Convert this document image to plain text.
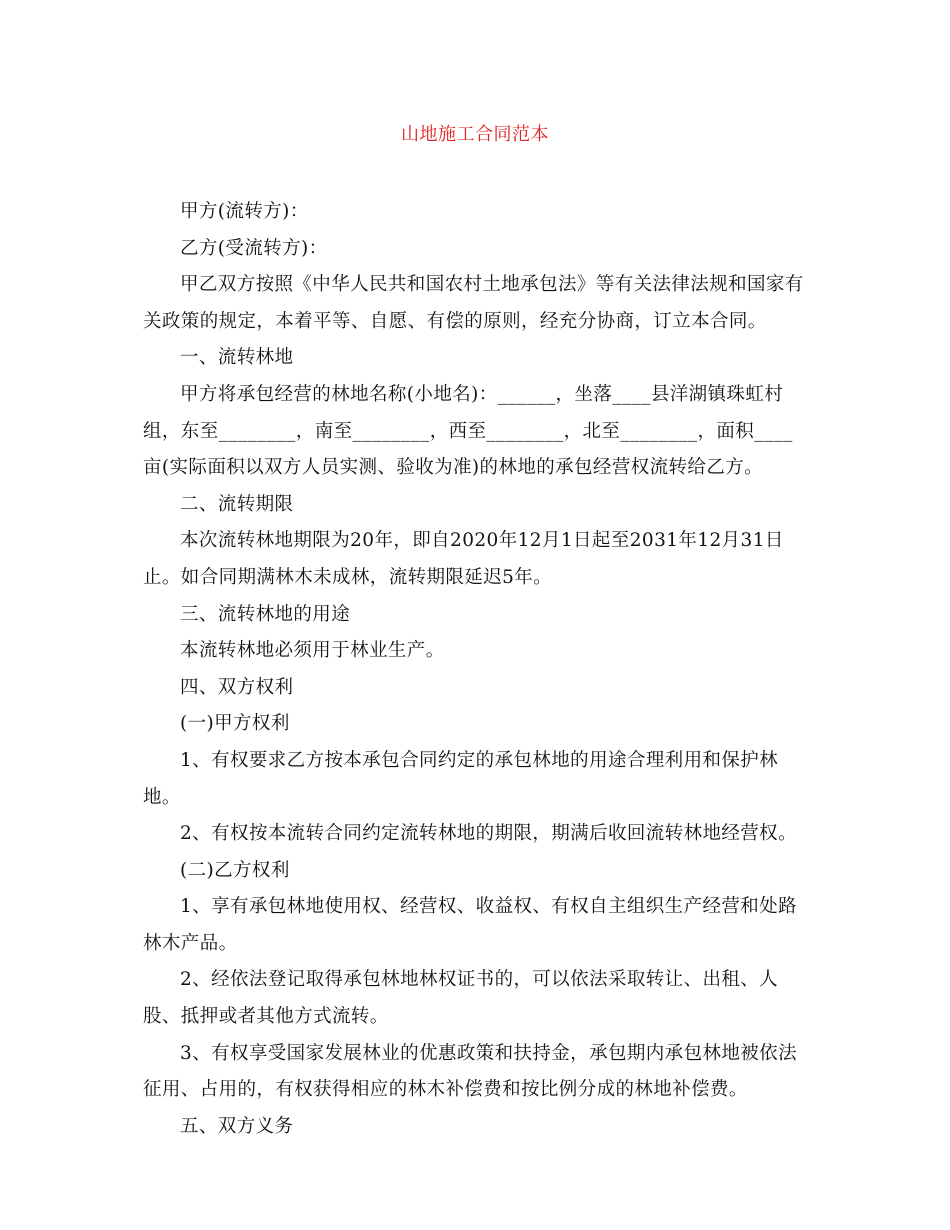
山地施工合同范本

甲方(流转方)：

乙方(受流转方)：

甲乙双方按照《中华人民共和国农村土地承包法》等有关法律法规和国家有关政策的规定，本着平等、自愿、有偿的原则，经充分协商，订立本合同。

一、流转林地

甲方将承包经营的林地名称(小地名)：______，坐落____县洋湖镇珠虹村组，东至________，南至________，西至________，北至________，面积____亩(实际面积以双方人员实测、验收为准)的林地的承包经营权流转给乙方。

二、流转期限

本次流转林地期限为20年，即自2020年12月1日起至2031年12月31日止。如合同期满林木未成林，流转期限延迟5年。

三、流转林地的用途

本流转林地必须用于林业生产。

四、双方权利

(一)甲方权利

1、有权要求乙方按本承包合同约定的承包林地的用途合理利用和保护林地。

2、有权按本流转合同约定流转林地的期限，期满后收回流转林地经营权。

(二)乙方权利

1、享有承包林地使用权、经营权、收益权、有权自主组织生产经营和处路林木产品。

2、经依法登记取得承包林地林权证书的，可以依法采取转让、出租、人股、抵押或者其他方式流转。

3、有权享受国家发展林业的优惠政策和扶持金，承包期内承包林地被依法征用、占用的，有权获得相应的林木补偿费和按比例分成的林地补偿费。

五、双方义务
